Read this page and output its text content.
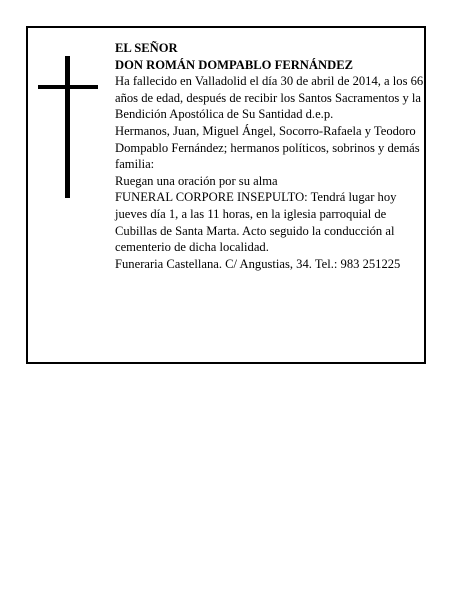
EL SEÑOR

DON ROMÁN DOMPABLO FERNÁNDEZ

Ha fallecido en Valladolid el día 30 de abril de 2014, a los 66 años de edad, después de recibir los Santos Sacramentos y la Bendición Apostólica de Su Santidad d.e.p.

Hermanos, Juan, Miguel Ángel, Socorro-Rafaela y Teodoro Dompablo Fernández; hermanos políticos, sobrinos y demás familia:

Ruegan una oración por su alma

FUNERAL CORPORE INSEPULTO: Tendrá lugar hoy jueves día 1, a las 11 horas, en la iglesia parroquial de Cubillas de Santa Marta. Acto seguido la conducción al cementerio de dicha localidad.

Funeraria Castellana. C/ Angustias, 34. Tel.: 983 251225
